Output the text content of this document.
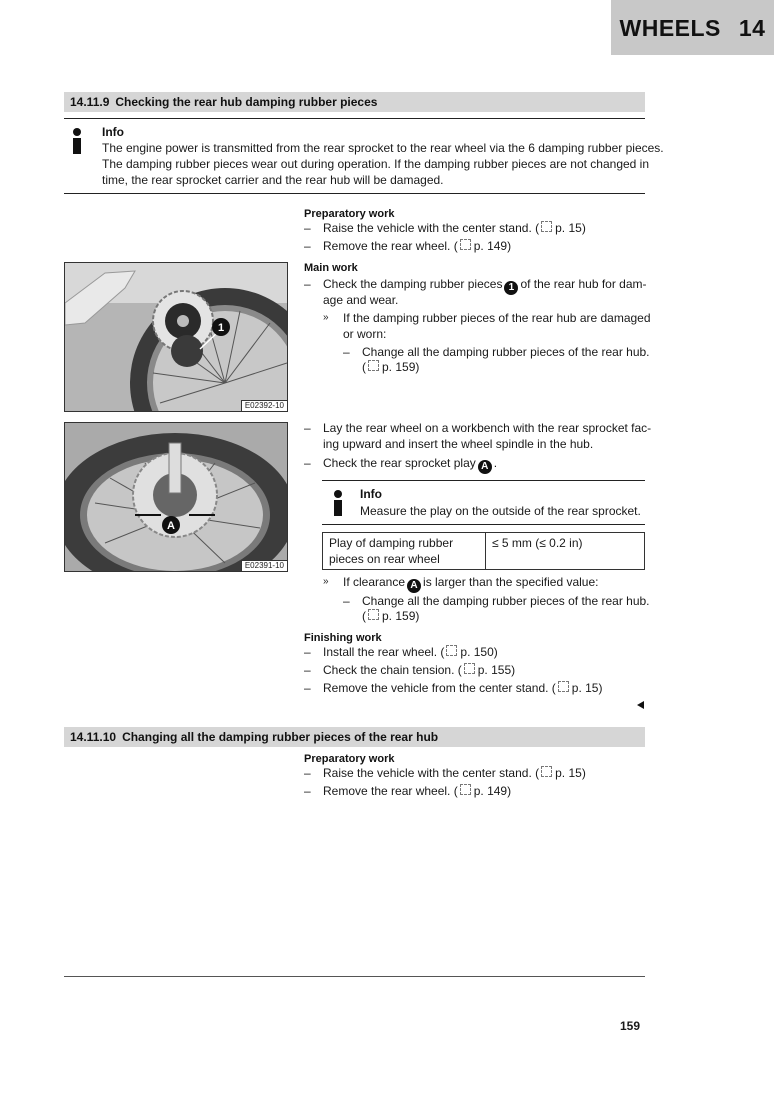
WHEELS 14
14.11.9 Checking the rear hub damping rubber pieces
Info
The engine power is transmitted from the rear sprocket to the rear wheel via the 6 damping rubber pieces.
The damping rubber pieces wear out during operation. If the damping rubber pieces are not changed in
time, the rear sprocket carrier and the rear hub will be damaged.
Preparatory work
– Raise the vehicle with the center stand. ( p. 15)
– Remove the rear wheel. ( p. 149)
Main work
– Check the damping rubber pieces 1 of the rear hub for dam-
age and wear.
» If the damping rubber pieces of the rear hub are damaged
or worn:
– Change all the damping rubber pieces of the rear hub.
( p. 159)
1
E02392-10
– Lay the rear wheel on a workbench with the rear sprocket fac-
ing upward and insert the wheel spindle in the hub.
– Check the rear sprocket play A .
Info
Measure the play on the outside of the rear sprocket.
Play of damping rubber
pieces on rear wheel	≤ 5 mm (≤ 0.2 in)
A
E02391-10
» If clearance A is larger than the specified value:
– Change all the damping rubber pieces of the rear hub.
( p. 159)
Finishing work
– Install the rear wheel. ( p. 150)
– Check the chain tension. ( p. 155)
– Remove the vehicle from the center stand. ( p. 15)
14.11.10 Changing all the damping rubber pieces of the rear hub
Preparatory work
– Raise the vehicle with the center stand. ( p. 15)
– Remove the rear wheel. ( p. 149)
159
